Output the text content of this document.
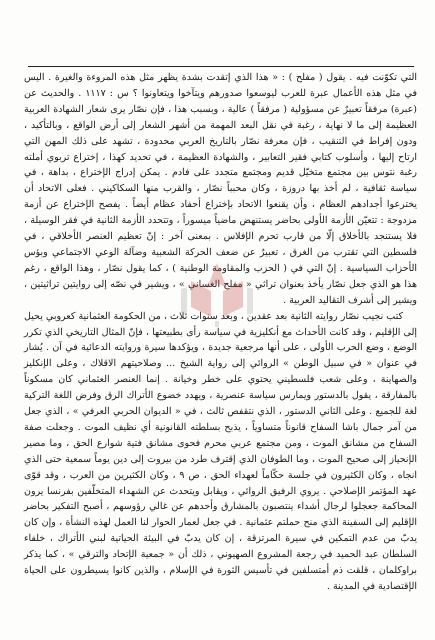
التي تكوّنت فيه . يقول ( مفلح ) : « هذا الذي إتقدت بشدة يظهر مثل هذه المروءة والغيرة . اليس في مثل هذه الأعمال عبرة للعرب ليوسعوا صدورهم ويتآخوا ويتعاونوا ؟ س : ١١١٧ . والحديث عن (عبرة) مرفقاً تعبيرٌ عن مسؤولية ( مرفقاً ) عالية ، وبسبب هذا ، فإن نصّار يرى شعار الشهادة العربية العظيمة إلى ما لا نهاية ، رغبة في نقل البعد المهمة من أشهر الشعار إلى أرض الواقع ، وبالتأكيد ، ودون إفراط في التنقيب ، فإن معرفة نصّار بالتاريخ العربي محدودة ، تشهد على ذلك المهن التي ارتاح إليها ، وأسلوب كتابي فقير التعابير ، والشهادة العظيمة ، في تحديد كهذا ، إختراع تربوي أملته رغبة نتوس بين مجتمع متخيّل قديم ومجتمع متجدد على فادم . يمكن إدراج الإختراع ، بداهة ، في سياسة ثقافية ، لم أخذ بها دروزة ، وكان محبباً نصّار ، والقرب منها السكاكيني . فعلى الاتحاد أن يخترعوا أجدادهم العظام ، وأن يقنعوا الاتحاد بإختراع أحفاد عظام أيضاً . يفصح الإختراع عن أزمة مزدوجة : تتعيّن الأزمة الأولى بحاضر يستنهض ماضياً ميسوراً ، وتتحدد الأزمة الثانية في فقر الوسيلة ، فلا يستنجد بالأخلاق إلّا من قارب تحرم الإفلاس . بمعنى آخر : إنّ تعظيم العنصر الأخلاقي ، في فلسطين التي تقترب من الغرق ، تعبيرٌ عن ضعف الحركة الشعبية وضآلة الوعي الاجتماعي وبؤس الأحزاب السياسية . إنّ التي في ( الحزب والمقاومة الوطنية ) ، كما يقول نصّار ، وهذا الواقع ، رغم هذا هو الذي جعل نصّار يأخذ بعنوان تراثي « مفلح الغساني » ، ويشير في نصّه إلى روايتين تراثيتين ، ويشير إلى أشرف التقاليد العربية .

كتب نجيب نصّار روايته الثانية بعد عقدين ، وبعد سنوات ثلاث ، من الحكومة العثمانية كعروبي يحيل إلى الإقليم ، وقد كانت الأحداث مع أنكليزية في سياسة رأى بطبيعتها ، فإنّ المثال التاريخي الذي تكرر الوضع ، وضع الحرب الأولى ، على أنها مرجعية جديدة ، ويؤكدها سيرة وروايته الدعائية في آن . يُشار في عنوان « في سبيل الوطن » الروائي إلى رواية الشيخ ... وصلاحيتهم الاقلاك ، وعلى الإنكليز والصهاينة ، وعلى شعب فلسطيني يحتوي على خطر وخيانة . إنما العنصر العثماني كان مسكوناً بالمفارقة ، يقول بالدستور ويمارس سياسة عنصرية ، ويهدد خضوع الأتراك الرق وفرض اللغة التركية لغة للجميع . وعلى الثاني الدستور ، الذي نتقفص ثالث ، في « الديوان الحربي العرفي » ، الذي جعل من آمر جمال باشا السفاح قانوناً متساوياً ، يذبح بسلطته القانونية أي نظيف الموت . وجعلت صفة السفاح من مشانق الموت ، ومن مجتمع عربي محرم فحوى مشانق فتية شوارع الحق ، وما مصير الإنحياز إلى صحيح الموت ، وما الطوفان الذي إقترف طرد من بيروت إلى دين يوماً سمعية حتى الذي انجاه ، وكان الكثيرون في جلسة حكّاماً لعهداء الحق ، ص ٩ ، وكان الكثيرين من العرب ، وقد قوّى عهد المؤتمر الإصلاحي . يروي الرفيق الروائي ، ويقابل ويتحدث عن الشهداء المتخلّفين بفرنسا يرون المحاكمة جعجلوا لرجال أشداء ينتصبون بالمشارق وأحدهم عن غالي رؤوسهم ، أصبح التفكير بحاضر الإقليم إلى السفينة الذي منح حملتم عثمانية . في جعل لعمار الحوار لنا العمل لهذه النشأة ، وإن كان يدبّ من عدم التمكين في سيرة المرتزقة ، إن كان يدبّ في البيئة الحياتية لبني الأتراك ، خلفاء السلطان عبد الحميد في رجعة المشروع الصهيوني ، ذلك أن « جمعية الإتحاد والترقي » ، كما يذكر براوكلمان ، قلقت ذم أمتسلفين في تأسيس الثورة في الإسلام ، والذين كانوا يسيطرون على الحياة الإقتصادية في المدينة .
